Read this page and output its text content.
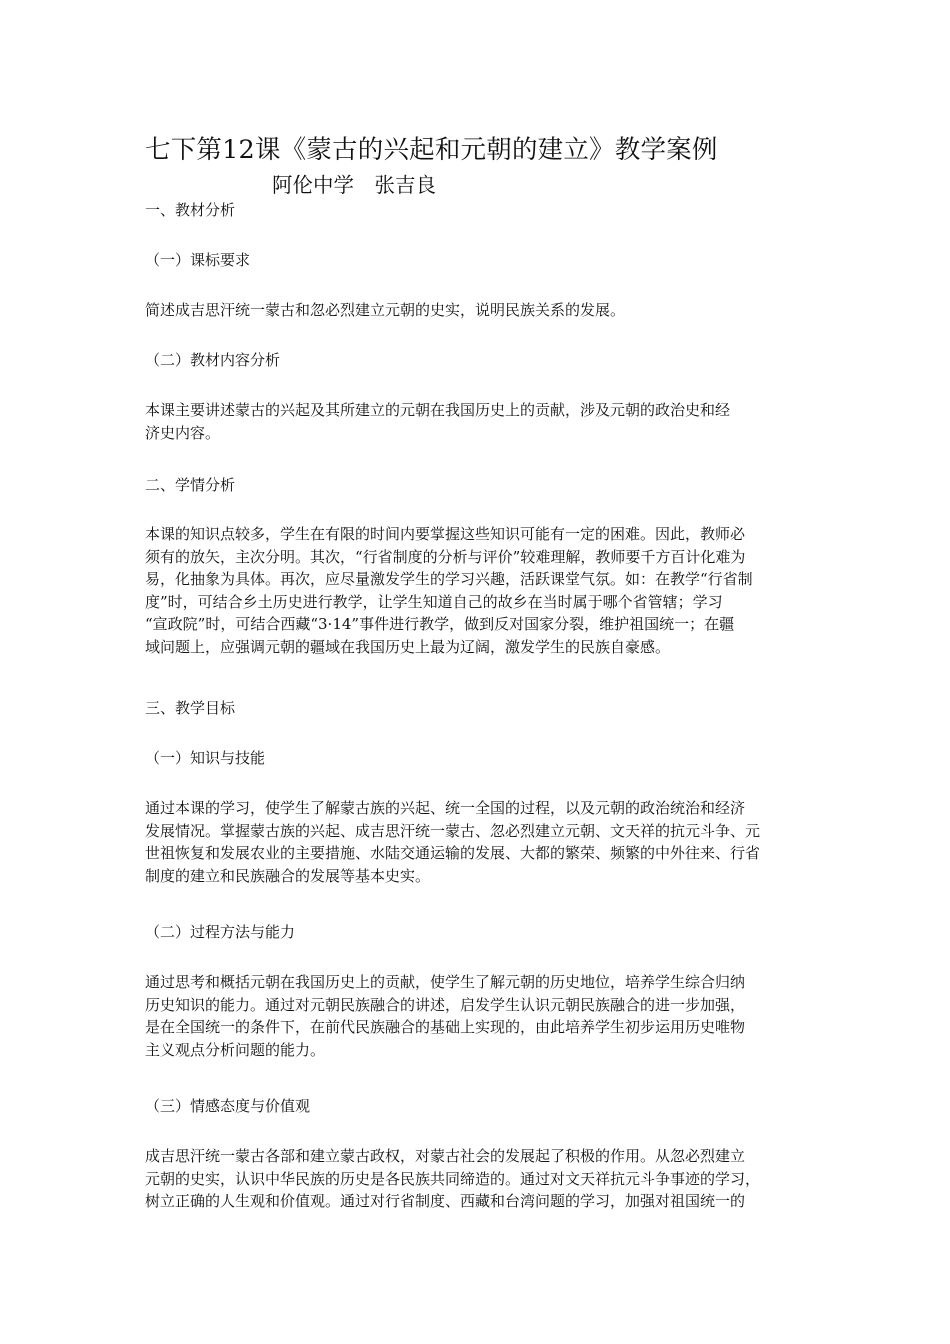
七下第12课《蒙古的兴起和元朝的建立》教学案例
阿伦中学　张吉良

一、教材分析

（一）课标要求

简述成吉思汗统一蒙古和忽必烈建立元朝的史实，说明民族关系的发展。

（二）教材内容分析

本课主要讲述蒙古的兴起及其所建立的元朝在我国历史上的贡献，涉及元朝的政治史和经
济史内容。

二、学情分析

本课的知识点较多，学生在有限的时间内要掌握这些知识可能有一定的困难。因此，教师必
须有的放矢，主次分明。其次，“行省制度的分析与评价”较难理解，教师要千方百计化难为
易，化抽象为具体。再次，应尽量激发学生的学习兴趣，活跃课堂气氛。如：在教学“行省制
度”时，可结合乡土历史进行教学，让学生知道自己的故乡在当时属于哪个省管辖；学习
“宣政院”时，可结合西藏“3·14”事件进行教学，做到反对国家分裂，维护祖国统一；在疆
域问题上，应强调元朝的疆域在我国历史上最为辽阔，激发学生的民族自豪感。

三、教学目标

（一）知识与技能

通过本课的学习，使学生了解蒙古族的兴起、统一全国的过程，以及元朝的政治统治和经济
发展情况。掌握蒙古族的兴起、成吉思汗统一蒙古、忽必烈建立元朝、文天祥的抗元斗争、元
世祖恢复和发展农业的主要措施、水陆交通运输的发展、大都的繁荣、频繁的中外往来、行省
制度的建立和民族融合的发展等基本史实。

（二）过程方法与能力

通过思考和概括元朝在我国历史上的贡献，使学生了解元朝的历史地位，培养学生综合归纳
历史知识的能力。通过对元朝民族融合的讲述，启发学生认识元朝民族融合的进一步加强，
是在全国统一的条件下，在前代民族融合的基础上实现的，由此培养学生初步运用历史唯物
主义观点分析问题的能力。

（三）情感态度与价值观

成吉思汗统一蒙古各部和建立蒙古政权，对蒙古社会的发展起了积极的作用。从忽必烈建立
元朝的史实，认识中华民族的历史是各民族共同缔造的。通过对文天祥抗元斗争事迹的学习，
树立正确的人生观和价值观。通过对行省制度、西藏和台湾问题的学习，加强对祖国统一的
